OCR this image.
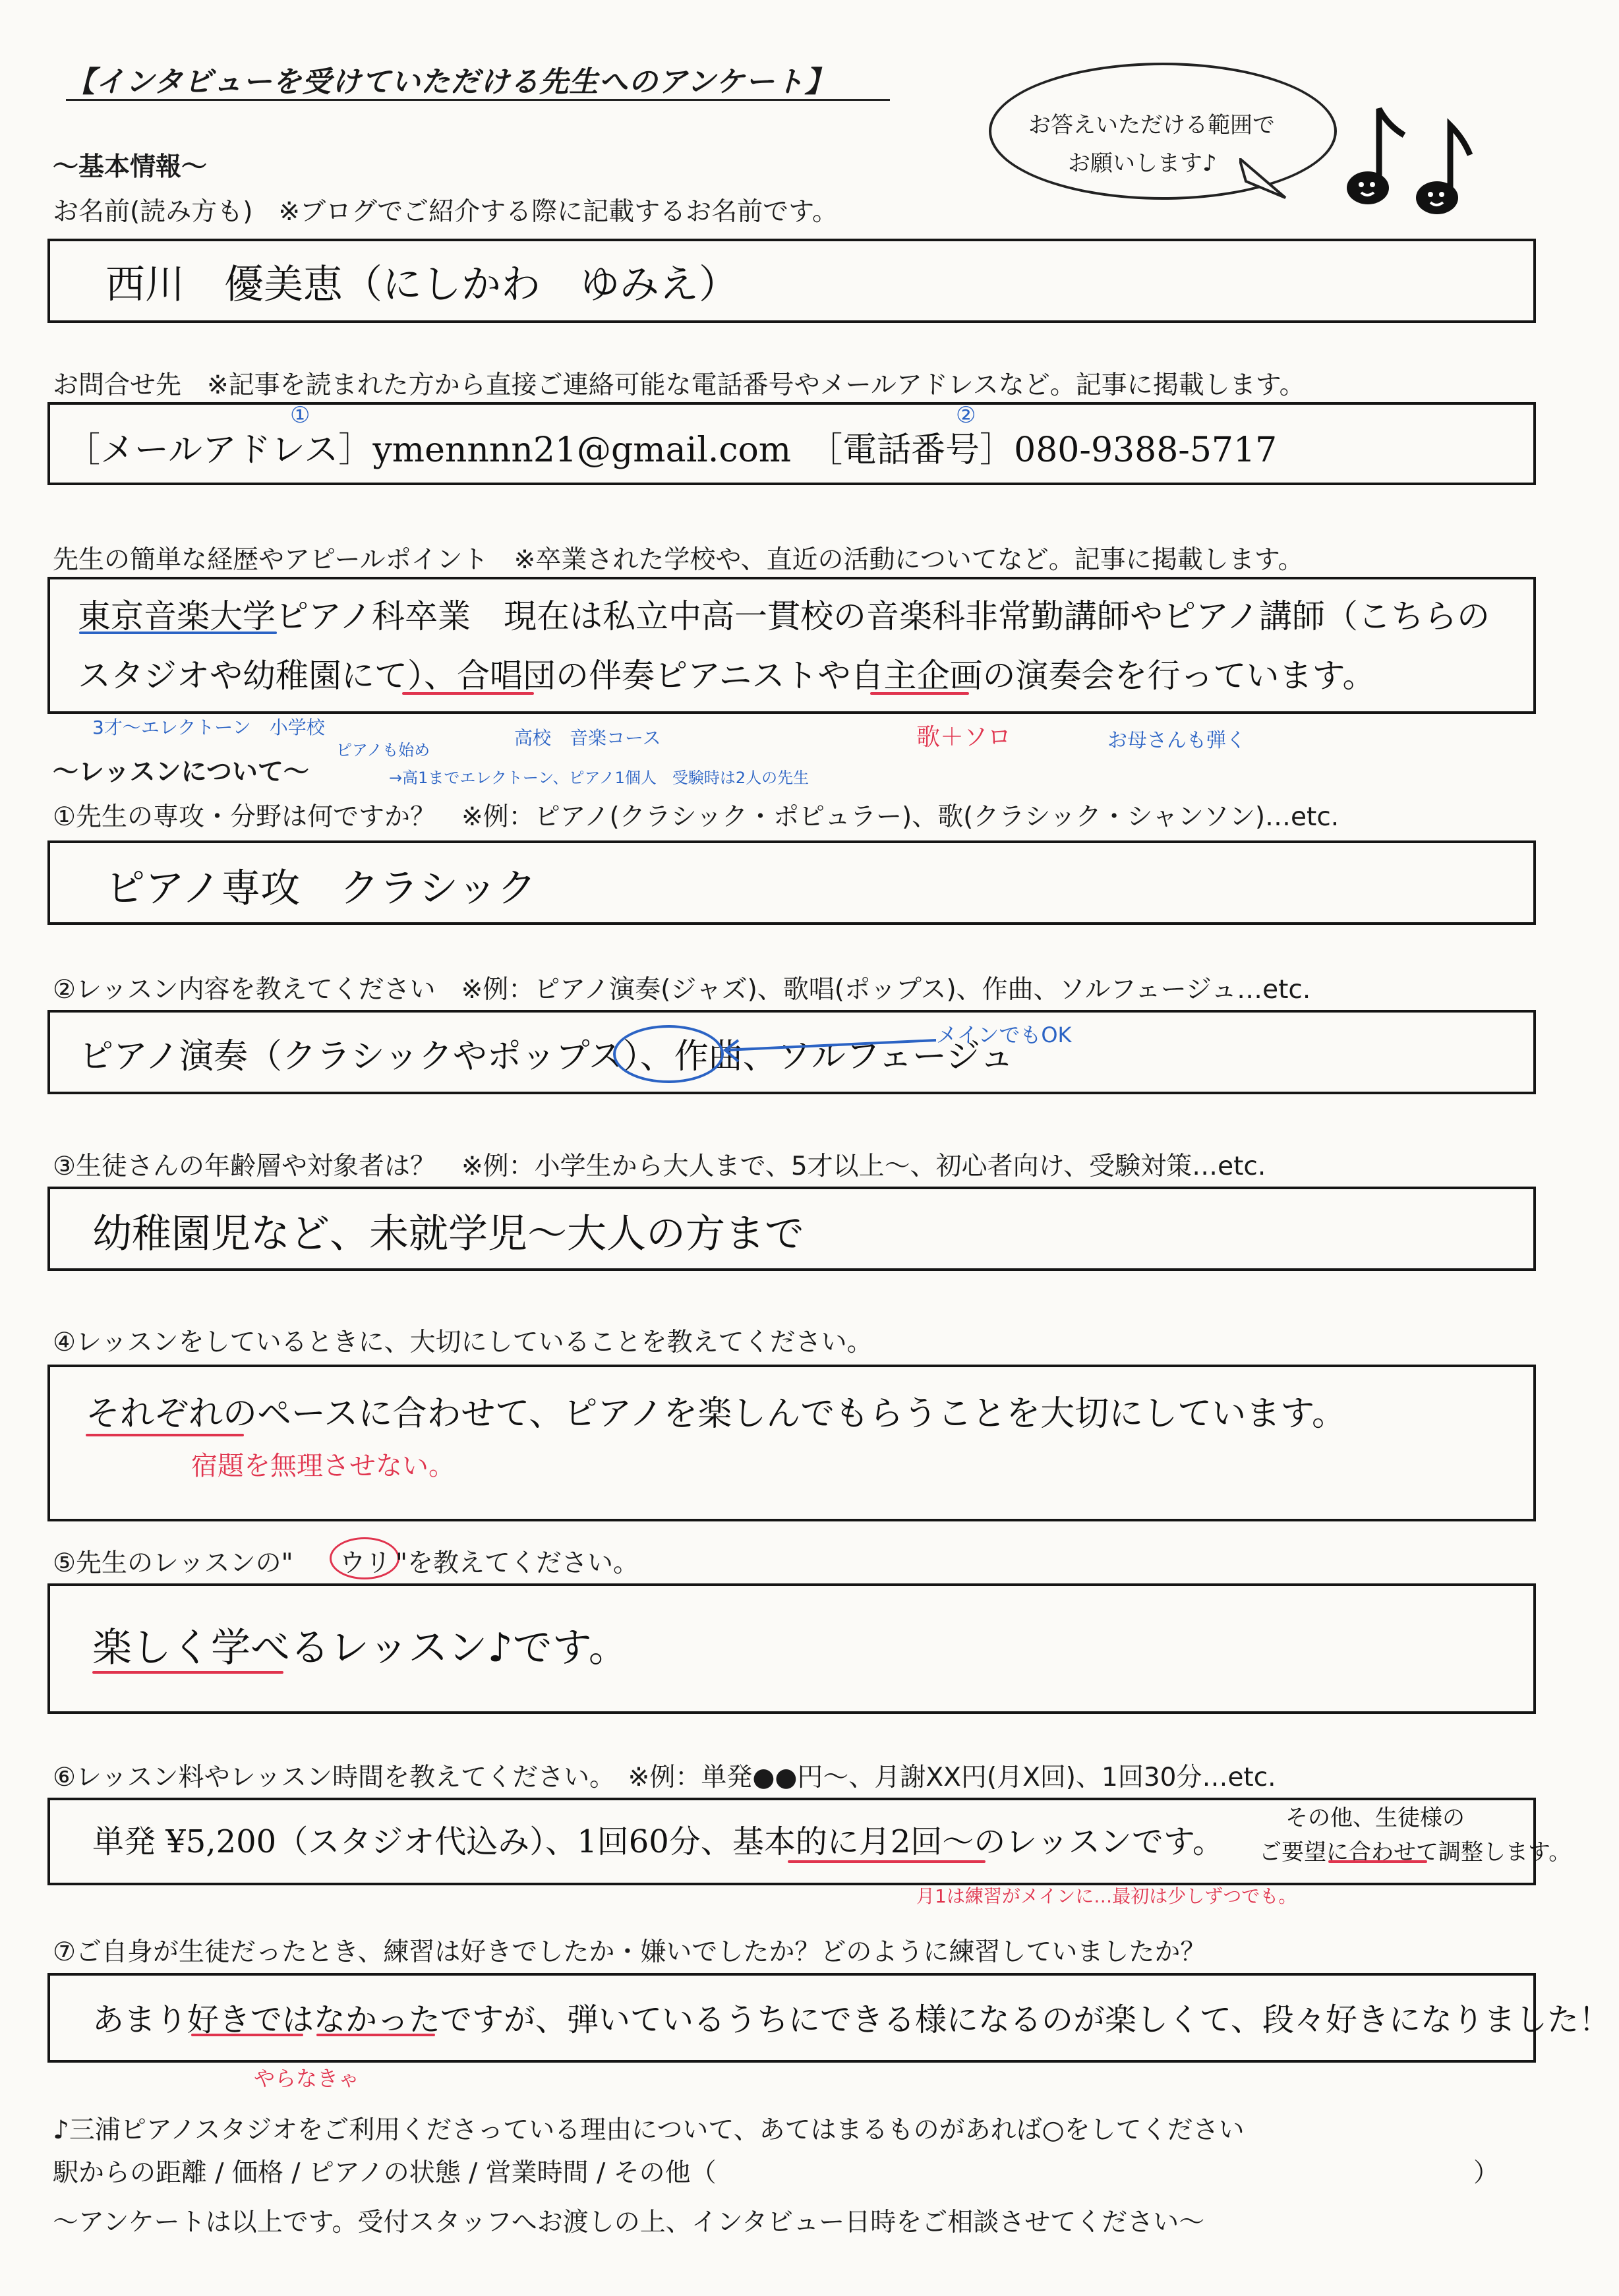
【インタビューを受けていただける先生へのアンケート】
お答えいただける範囲で
お願いします♪
〜基本情報〜
お名前(読み方も)　※ブログでご紹介する際に記載するお名前です。
西川　優美恵（にしかわ　ゆみえ）
お問合せ先　※記事を読まれた方から直接ご連絡可能な電話番号やメールアドレスなど。記事に掲載します。
［メールアドレス］ymennnn21@gmail.com　［電話番号］080-9388-5717
①	②
先生の簡単な経歴やアピールポイント　※卒業された学校や、直近の活動についてなど。記事に掲載します。
東京音楽大学ピアノ科卒業　現在は私立中高一貫校の音楽科非常勤講師やピアノ講師（こちらの
スタジオや幼稚園にて）、合唱団の伴奏ピアニストや自主企画の演奏会を行っています。
3才〜エレクトーン　小学校
ピアノも始め
高校　音楽コース
→高1までエレクトーン、ピアノ1個人　受験時は2人の先生
歌＋ソロ	お母さんも弾く
〜レッスンについて〜
①先生の専攻・分野は何ですか？　※例：ピアノ(クラシック・ポピュラー)、歌(クラシック・シャンソン)…etc.
ピアノ専攻　クラシック
②レッスン内容を教えてください　※例：ピアノ演奏(ジャズ)、歌唱(ポップス)、作曲、ソルフェージュ…etc.
ピアノ演奏（クラシックやポップス）、作曲、ソルフェージュ
メインでもOK
③生徒さんの年齢層や対象者は？　※例：小学生から大人まで、5才以上〜、初心者向け、受験対策…etc.
幼稚園児など、未就学児〜大人の方まで
④レッスンをしているときに、大切にしていることを教えてください。
それぞれのペースに合わせて、ピアノを楽しんでもらうことを大切にしています。
宿題を無理させない。
⑤先生のレッスンの" ウリ "を教えてください。
楽しく学べるレッスン♪です。
⑥レッスン料やレッスン時間を教えてください。　※例：単発●●円〜、月謝XX円(月X回)、1回30分…etc.
単発 ¥5,200（スタジオ代込み）、1回60分、基本的に月2回〜のレッスンです。
その他、生徒様の
ご要望に合わせて調整します。
月1は練習がメインに…最初は少しずつでも。
⑦ご自身が生徒だったとき、練習は好きでしたか・嫌いでしたか？どのように練習していましたか？
あまり好きではなかったですが、弾いているうちにできる様になるのが楽しくて、段々好きになりました！
やらなきゃ
♪三浦ピアノスタジオをご利用くださっている理由について、あてはまるものがあれば○をしてください
駅からの距離 / 価格 / ピアノの状態 / 営業時間 / その他（	）
〜アンケートは以上です。受付スタッフへお渡しの上、インタビュー日時をご相談させてください〜
